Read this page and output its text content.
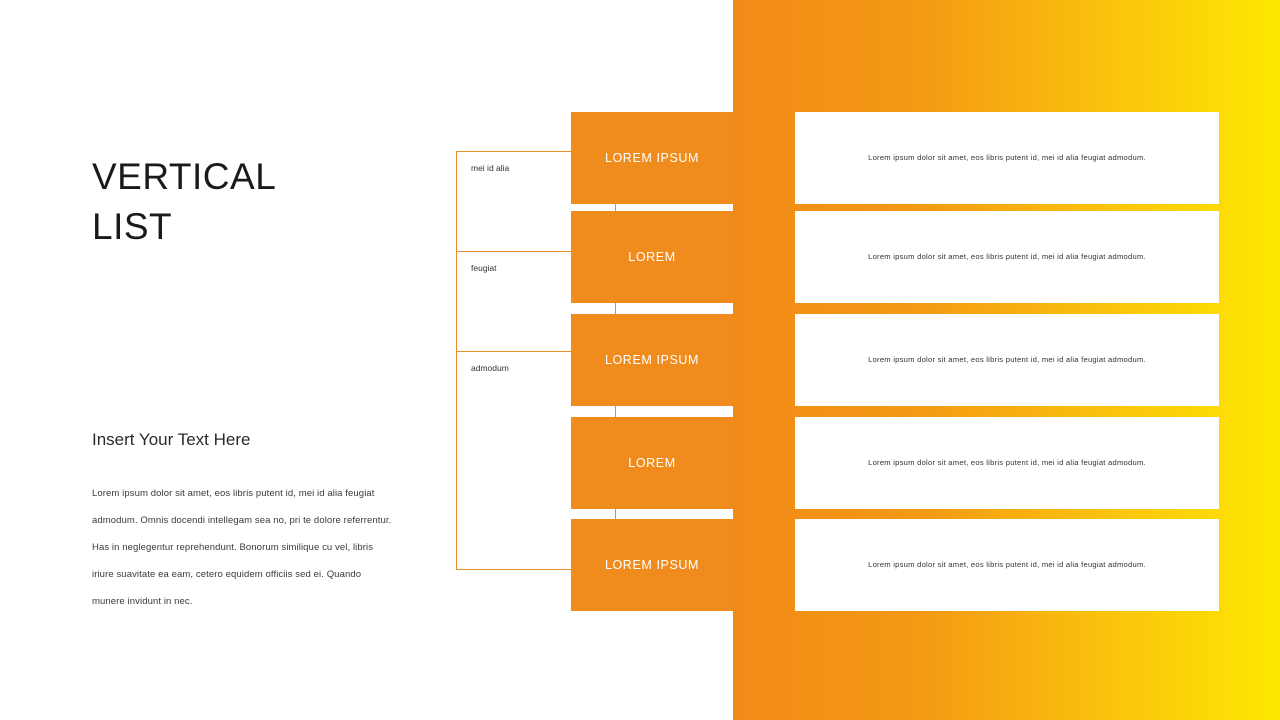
VERTICAL
LIST
Insert Your Text Here
Lorem ipsum dolor sit amet, eos libris putent id, mei id alia feugiat admodum. Omnis docendi intellegam sea no, pri te dolore referrentur. Has in neglegentur reprehendunt. Bonorum similique cu vel, libris iriure suavitate ea eam, cetero equidem officiis sed ei. Quando munere invidunt in nec.
mei id alia
feugiat
admodum
LOREM IPSUM
LOREM
LOREM IPSUM
LOREM
LOREM IPSUM
Lorem ipsum dolor sit amet, eos libris putent id, mei id alia feugiat admodum.
Lorem ipsum dolor sit amet, eos libris putent id, mei id alia feugiat admodum.
Lorem ipsum dolor sit amet, eos libris putent id, mei id alia feugiat admodum.
Lorem ipsum dolor sit amet, eos libris putent id, mei id alia feugiat admodum.
Lorem ipsum dolor sit amet, eos libris putent id, mei id alia feugiat admodum.
